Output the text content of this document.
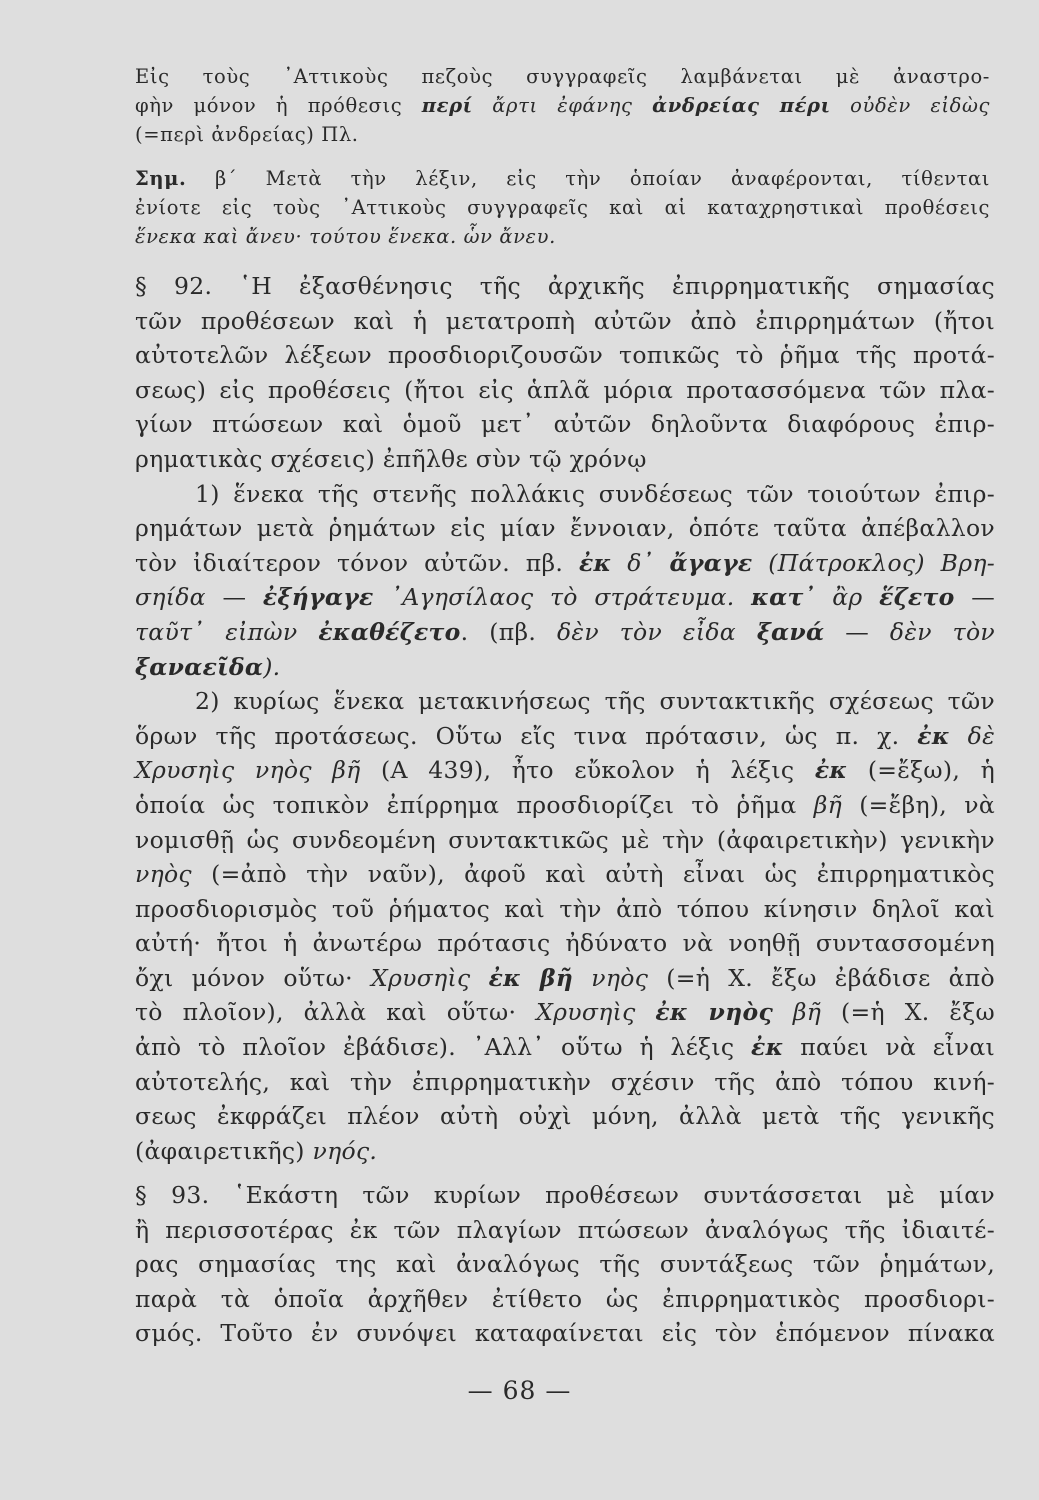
Εἰς τοὺς ᾿Αττικοὺς πεζοὺς συγγραφεῖς λαμβάνεται μὲ ἀναστρο-
φὴν μόνον ἡ πρόθεσις περί ἄρτι ἐφάνης ἀνδρείας πέρι οὐδὲν εἰδὼς
(=περὶ ἀνδρείας) Πλ.
Σημ. β΄ Μετὰ τὴν λέξιν, εἰς τὴν ὁποίαν ἀναφέρονται, τίθενται
ἐνίοτε εἰς τοὺς ᾿Αττικοὺς συγγραφεῖς καὶ αἱ καταχρηστικαὶ προθέσεις
ἕνεκα καὶ ἄνευ· τούτου ἕνεκα. ὧν ἄνευ.
§ 92. ῾Η ἐξασθένησις τῆς ἀρχικῆς ἐπιρρηματικῆς σημασίας
τῶν προθέσεων καὶ ἡ μετατροπὴ αὐτῶν ἀπὸ ἐπιρρημάτων (ἤτοι
αὐτοτελῶν λέξεων προσδιοριζουσῶν τοπικῶς τὸ ῥῆμα τῆς προτά-
σεως) εἰς προθέσεις (ἤτοι εἰς ἁπλᾶ μόρια προτασσόμενα τῶν πλα-
γίων πτώσεων καὶ ὁμοῦ μετ᾿ αὐτῶν δηλοῦντα διαφόρους ἐπιρ-
ρηματικὰς σχέσεις) ἐπῆλθε σὺν τῷ χρόνῳ
1) ἕνεκα τῆς στενῆς πολλάκις συνδέσεως τῶν τοιούτων ἐπιρ-
ρημάτων μετὰ ῥημάτων εἰς μίαν ἔννοιαν, ὁπότε ταῦτα ἀπέβαλλον
τὸν ἰδιαίτερον τόνον αὐτῶν. πβ. ἐκ δ᾿ ἄγαγε (Πάτροκλος) Βρη-
σηίδα — ἐξήγαγε ᾿Αγησίλαος τὸ στράτευμα. κατ᾿ ἂρ ἕζετο —
ταῦτ᾿ εἰπὼν ἐκαθέζετο. (πβ. δὲν τὸν εἶδα ξανά — δὲν τὸν
ξαναεῖδα).
2) κυρίως ἕνεκα μετακινήσεως τῆς συντακτικῆς σχέσεως τῶν
ὅρων τῆς προτάσεως. Οὕτω εἴς τινα πρότασιν, ὡς π. χ. ἐκ δὲ
Χρυσηὶς νηὸς βῆ (Α 439), ἦτο εὔκολον ἡ λέξις ἐκ (=ἔξω), ἡ
ὁποία ὡς τοπικὸν ἐπίρρημα προσδιορίζει τὸ ῥῆμα βῆ (=ἔβη), νὰ
νομισθῇ ὡς συνδεομένη συντακτικῶς μὲ τὴν (ἀφαιρετικὴν) γενικὴν
νηὸς (=ἀπὸ τὴν ναῦν), ἀφοῦ καὶ αὐτὴ εἶναι ὡς ἐπιρρηματικὸς
προσδιορισμὸς τοῦ ῥήματος καὶ τὴν ἀπὸ τόπου κίνησιν δηλοῖ καὶ
αὐτή· ἤτοι ἡ ἀνωτέρω πρότασις ἠδύνατο νὰ νοηθῇ συντασσομένη
ὄχι μόνον οὕτω· Χρυσηὶς ἐκ βῆ νηὸς (=ἡ Χ. ἔξω ἐβάδισε ἀπὸ
τὸ πλοῖον), ἀλλὰ καὶ οὕτω· Χρυσηὶς ἐκ νηὸς βῆ (=ἡ Χ. ἔξω
ἀπὸ τὸ πλοῖον ἐβάδισε). ᾿Αλλ᾿ οὕτω ἡ λέξις ἐκ παύει νὰ εἶναι
αὐτοτελής, καὶ τὴν ἐπιρρηματικὴν σχέσιν τῆς ἀπὸ τόπου κινή-
σεως ἐκφράζει πλέον αὐτὴ οὐχὶ μόνη, ἀλλὰ μετὰ τῆς γενικῆς
(ἀφαιρετικῆς) νηός.
§ 93. ῾Εκάστη τῶν κυρίων προθέσεων συντάσσεται μὲ μίαν
ἢ περισσοτέρας ἐκ τῶν πλαγίων πτώσεων ἀναλόγως τῆς ἰδιαιτέ-
ρας σημασίας της καὶ ἀναλόγως τῆς συντάξεως τῶν ῥημάτων,
παρὰ τὰ ὁποῖα ἀρχῆθεν ἐτίθετο ὡς ἐπιρρηματικὸς προσδιορι-
σμός. Τοῦτο ἐν συνόψει καταφαίνεται εἰς τὸν ἑπόμενον πίνακα
— 68 —
